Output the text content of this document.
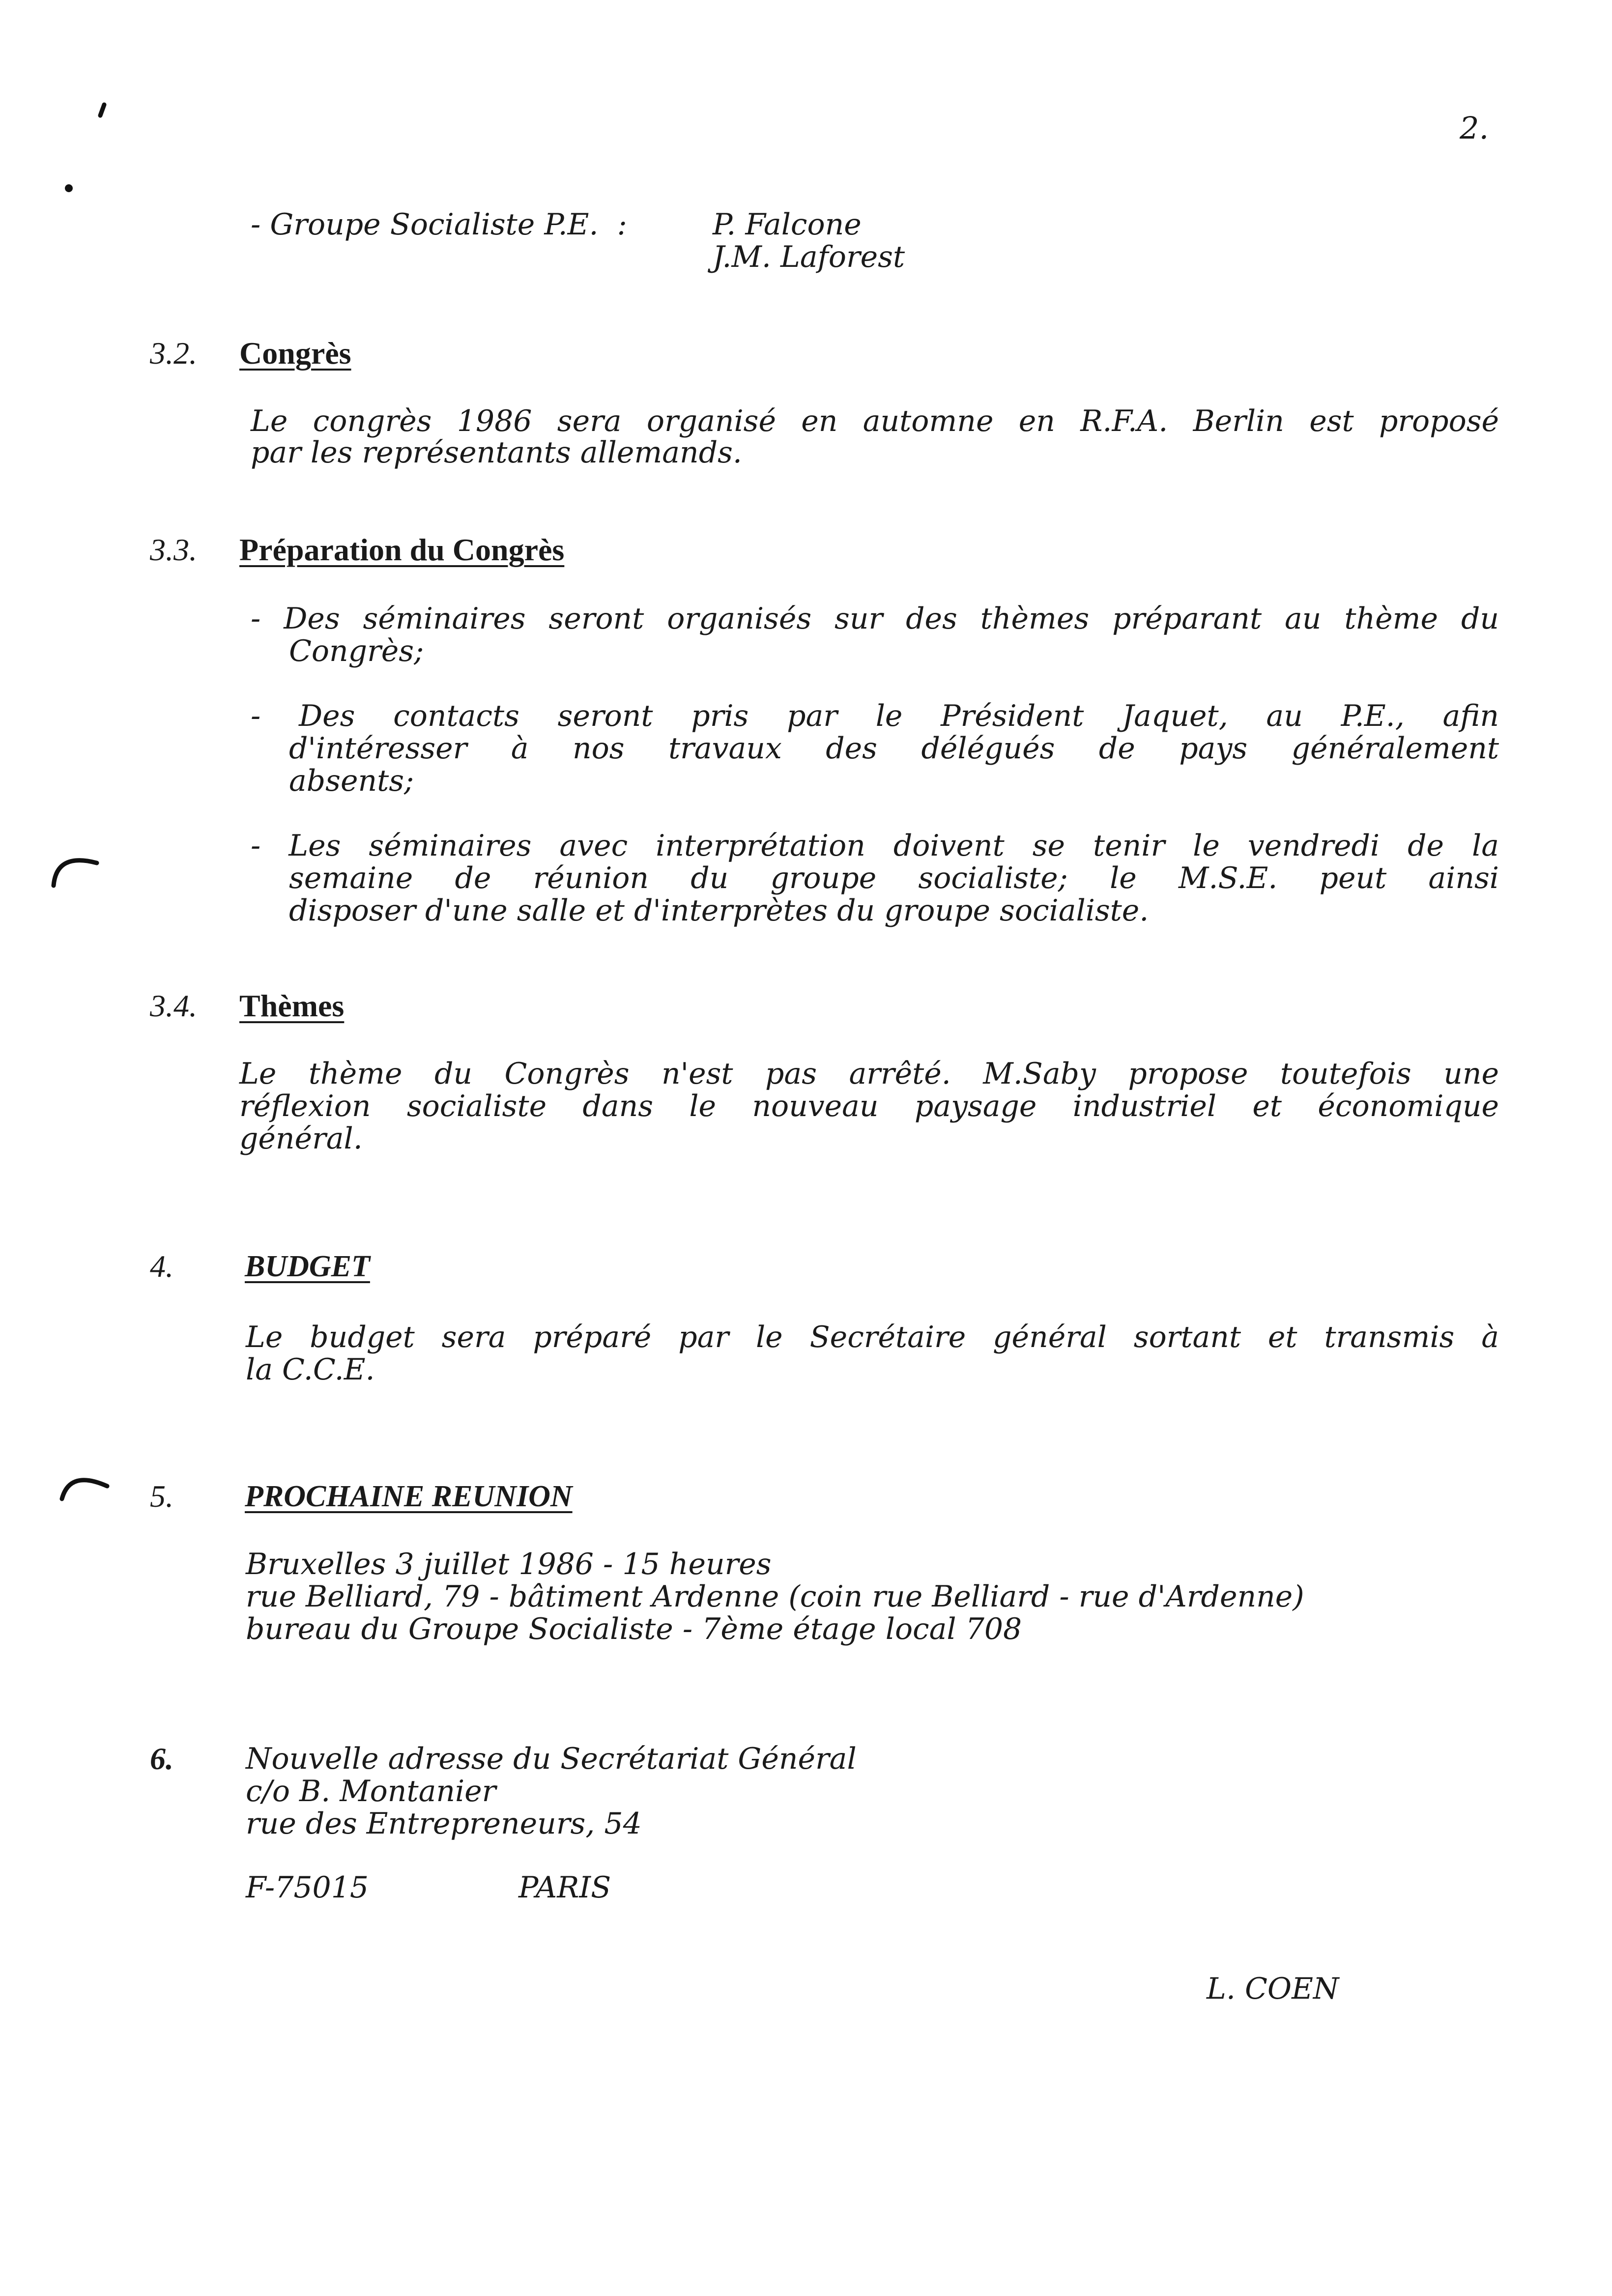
2.
- Groupe Socialiste P.E.  :	P. Falcone
J.M. Laforest
3.2. Congrès
Le congrès 1986 sera organisé en automne en R.F.A. Berlin est proposé
par les représentants allemands.
3.3. Préparation du Congrès
- Des séminaires seront organisés sur des thèmes préparant au thème du
Congrès;
- Des contacts seront pris par le Président Jaquet, au P.E., afin
d'intéresser à nos travaux des délégués de pays généralement
absents;
- Les séminaires avec interprétation doivent se tenir le vendredi de la
semaine de réunion du groupe socialiste; le M.S.E. peut ainsi
disposer d'une salle et d'interprètes du groupe socialiste.
3.4. Thèmes
Le thème du Congrès n'est pas arrêté. M.Saby propose toutefois une
réflexion socialiste dans le nouveau paysage industriel et économique
général.
4. BUDGET
Le budget sera préparé par le Secrétaire général sortant et transmis à
la C.C.E.
5. PROCHAINE REUNION
Bruxelles 3 juillet 1986 - 15 heures
rue Belliard, 79 - bâtiment Ardenne (coin rue Belliard - rue d'Ardenne)
bureau du Groupe Socialiste - 7ème étage local 708
6. Nouvelle adresse du Secrétariat Général
c/o B. Montanier
rue des Entrepreneurs, 54
F-75015	PARIS
L. COEN
